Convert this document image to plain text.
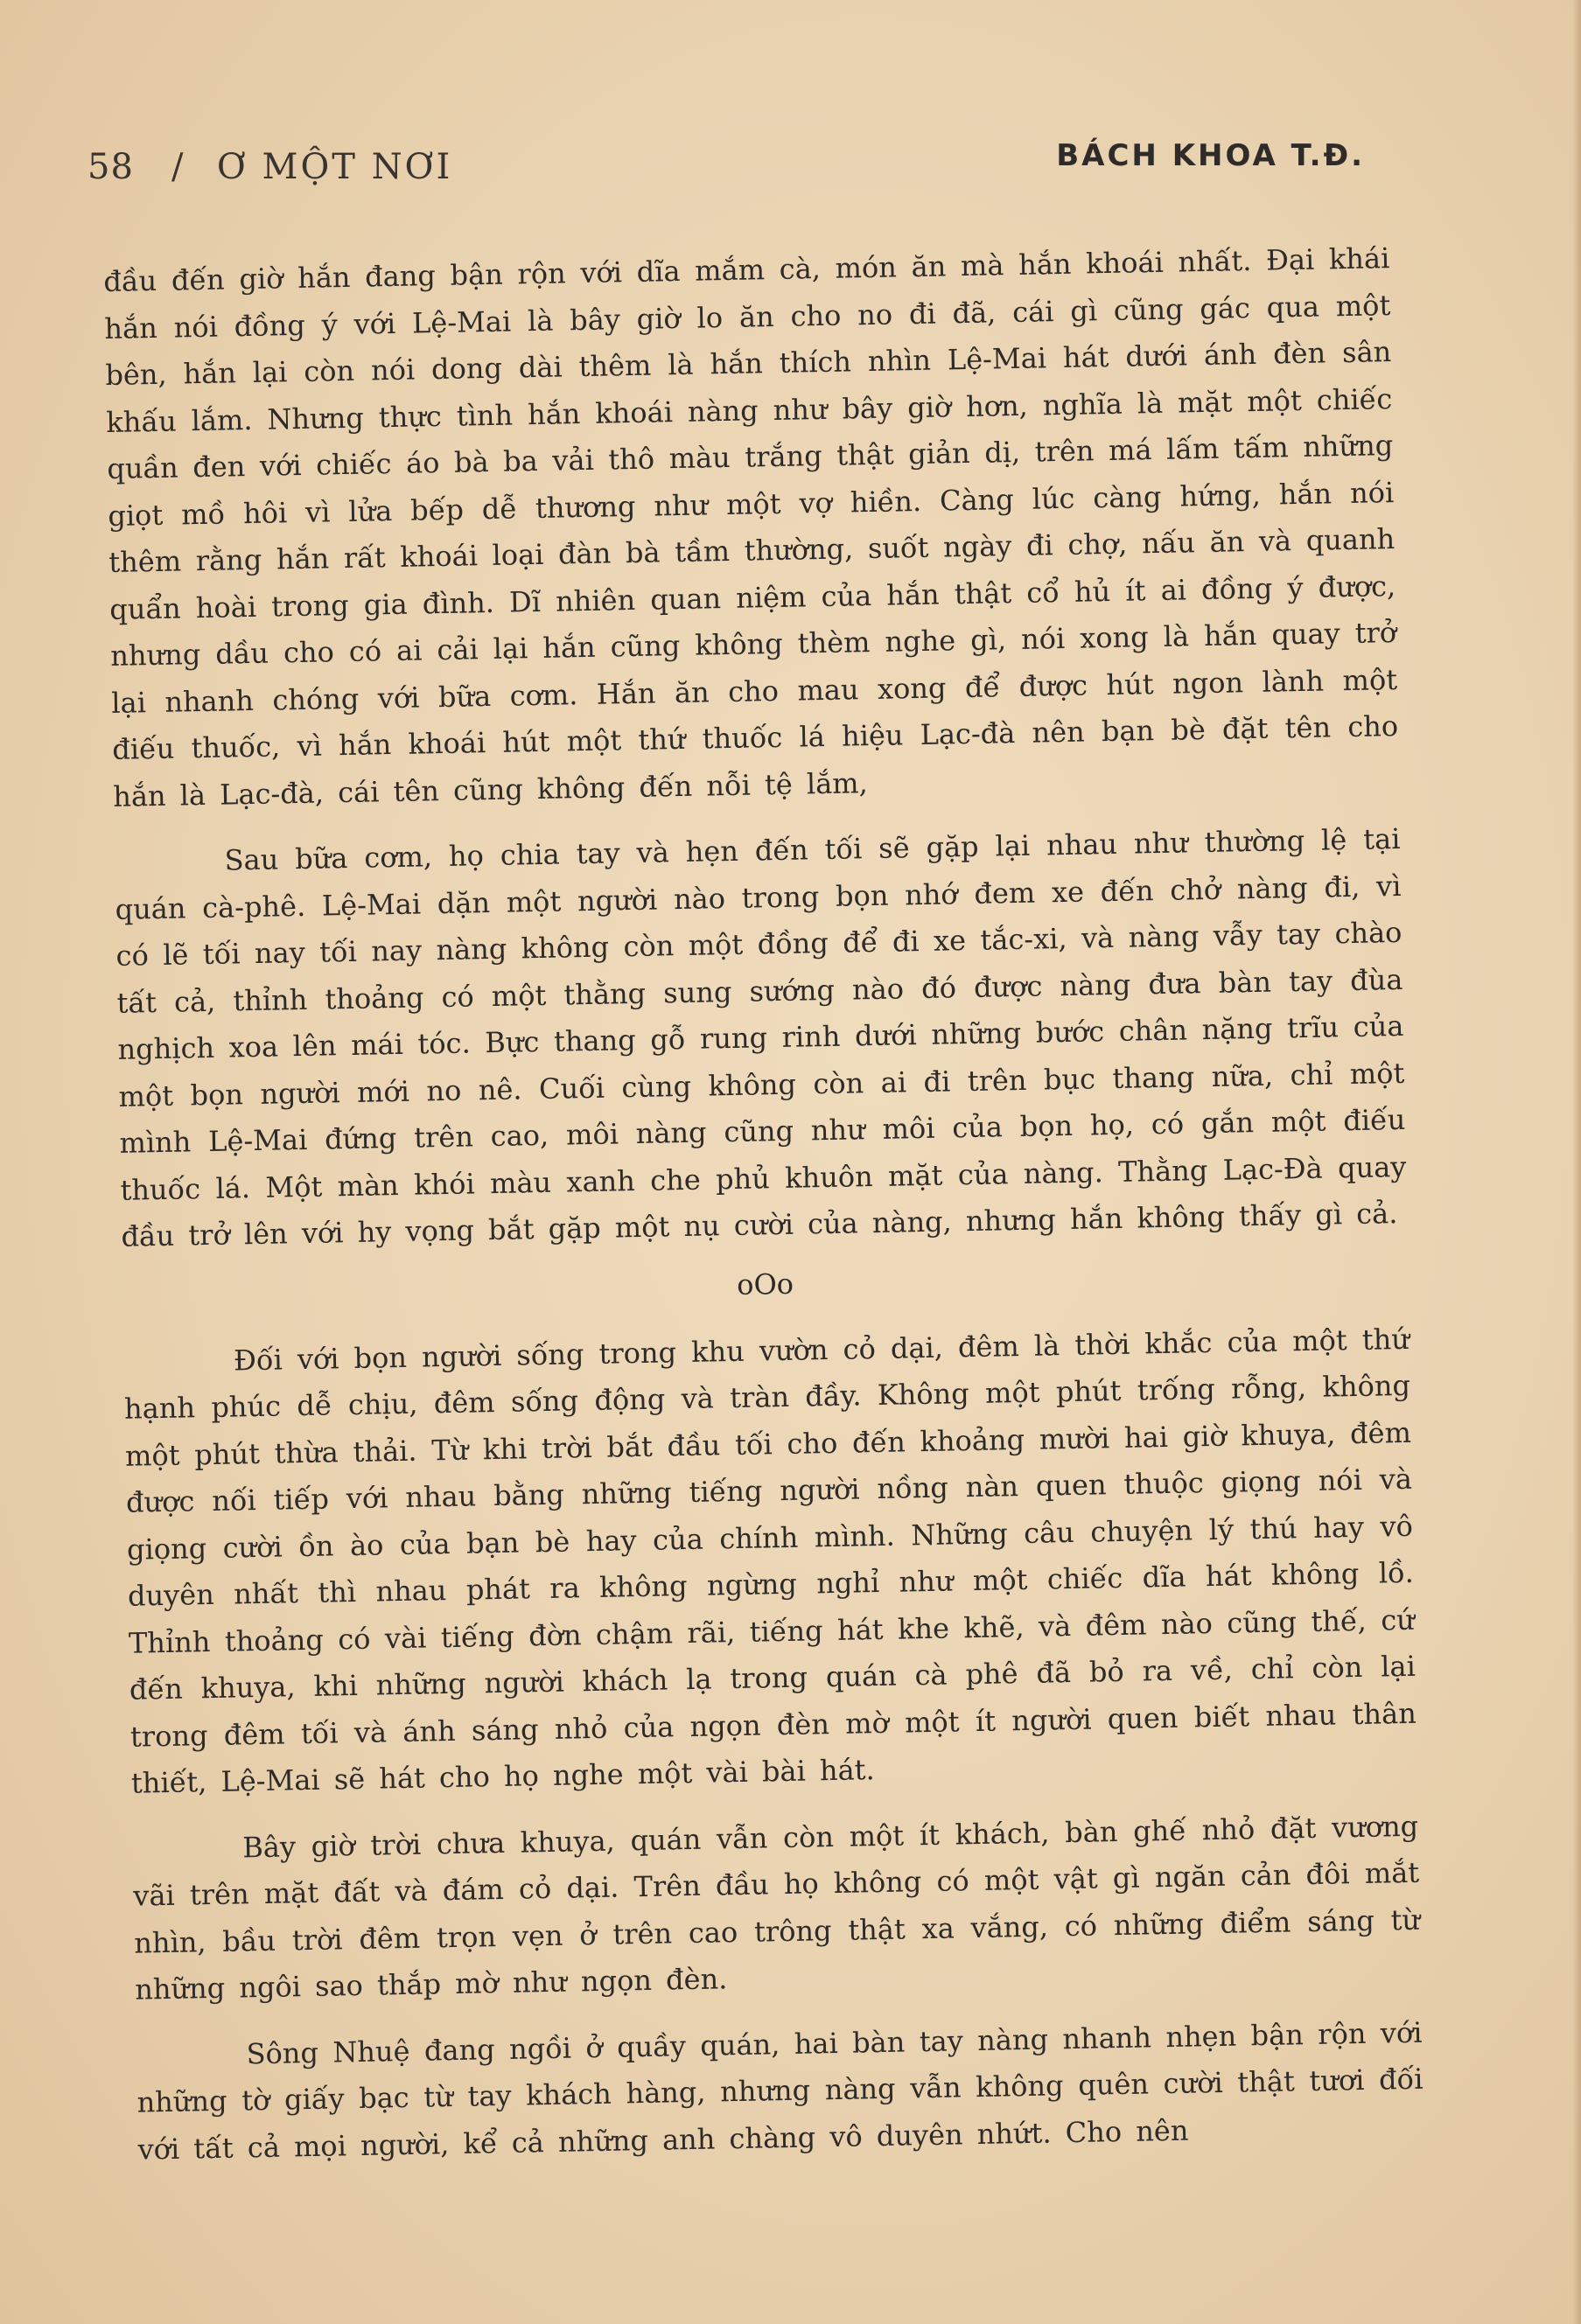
58 / Ơ MỘT NƠI	BÁCH KHOA T.Đ.

đầu đến giờ hắn đang bận rộn với dĩa mắm cà, món ăn mà hắn khoái nhất. Đại khái hắn nói đồng ý với Lệ-Mai là bây giờ lo ăn cho no đi đã, cái gì cũng gác qua một bên, hắn lại còn nói dong dài thêm là hắn thích nhìn Lệ-Mai hát dưới ánh đèn sân khấu lắm. Nhưng thực tình hắn khoái nàng như bây giờ hơn, nghĩa là mặt một chiếc quần đen với chiếc áo bà ba vải thô màu trắng thật giản dị, trên má lấm tấm những giọt mồ hôi vì lửa bếp dễ thương như một vợ hiền. Càng lúc càng hứng, hắn nói thêm rằng hắn rất khoái loại đàn bà tầm thường, suốt ngày đi chợ, nấu ăn và quanh quẩn hoài trong gia đình. Dĩ nhiên quan niệm của hắn thật cổ hủ ít ai đồng ý được, nhưng dầu cho có ai cải lại hắn cũng không thèm nghe gì, nói xong là hắn quay trở lại nhanh chóng với bữa cơm. Hắn ăn cho mau xong để được hút ngon lành một điếu thuốc, vì hắn khoái hút một thứ thuốc lá hiệu Lạc-đà nên bạn bè đặt tên cho hắn là Lạc-đà, cái tên cũng không đến nỗi tệ lắm,

Sau bữa cơm, họ chia tay và hẹn đến tối sẽ gặp lại nhau như thường lệ tại quán cà-phê. Lệ-Mai dặn một người nào trong bọn nhớ đem xe đến chở nàng đi, vì có lẽ tối nay tối nay nàng không còn một đồng để đi xe tắc-xi, và nàng vẫy tay chào tất cả, thỉnh thoảng có một thằng sung sướng nào đó được nàng đưa bàn tay đùa nghịch xoa lên mái tóc. Bực thang gỗ rung rinh dưới những bước chân nặng trĩu của một bọn người mới no nê. Cuối cùng không còn ai đi trên bục thang nữa, chỉ một mình Lệ-Mai đứng trên cao, môi nàng cũng như môi của bọn họ, có gắn một điếu thuốc lá. Một màn khói màu xanh che phủ khuôn mặt của nàng. Thằng Lạc-Đà quay đầu trở lên với hy vọng bắt gặp một nụ cười của nàng, nhưng hắn không thấy gì cả.

oOo

Đối với bọn người sống trong khu vườn cỏ dại, đêm là thời khắc của một thứ hạnh phúc dễ chịu, đêm sống động và tràn đầy. Không một phút trống rỗng, không một phút thừa thải. Từ khi trời bắt đầu tối cho đến khoảng mười hai giờ khuya, đêm được nối tiếp với nhau bằng những tiếng người nồng nàn quen thuộc giọng nói và giọng cười ồn ào của bạn bè hay của chính mình. Những câu chuyện lý thú hay vô duyên nhất thì nhau phát ra không ngừng nghỉ như một chiếc dĩa hát không lồ. Thỉnh thoảng có vài tiếng đờn chậm rãi, tiếng hát khe khẽ, và đêm nào cũng thế, cứ đến khuya, khi những người khách lạ trong quán cà phê đã bỏ ra về, chỉ còn lại trong đêm tối và ánh sáng nhỏ của ngọn đèn mờ một ít người quen biết nhau thân thiết, Lệ-Mai sẽ hát cho họ nghe một vài bài hát.

Bây giờ trời chưa khuya, quán vẫn còn một ít khách, bàn ghế nhỏ đặt vương vãi trên mặt đất và đám cỏ dại. Trên đầu họ không có một vật gì ngăn cản đôi mắt nhìn, bầu trời đêm trọn vẹn ở trên cao trông thật xa vắng, có những điểm sáng từ những ngôi sao thắp mờ như ngọn đèn.

Sông Nhuệ đang ngồi ở quầy quán, hai bàn tay nàng nhanh nhẹn bận rộn với những tờ giấy bạc từ tay khách hàng, nhưng nàng vẫn không quên cười thật tươi đối với tất cả mọi người, kể cả những anh chàng vô duyên nhứt. Cho nên
